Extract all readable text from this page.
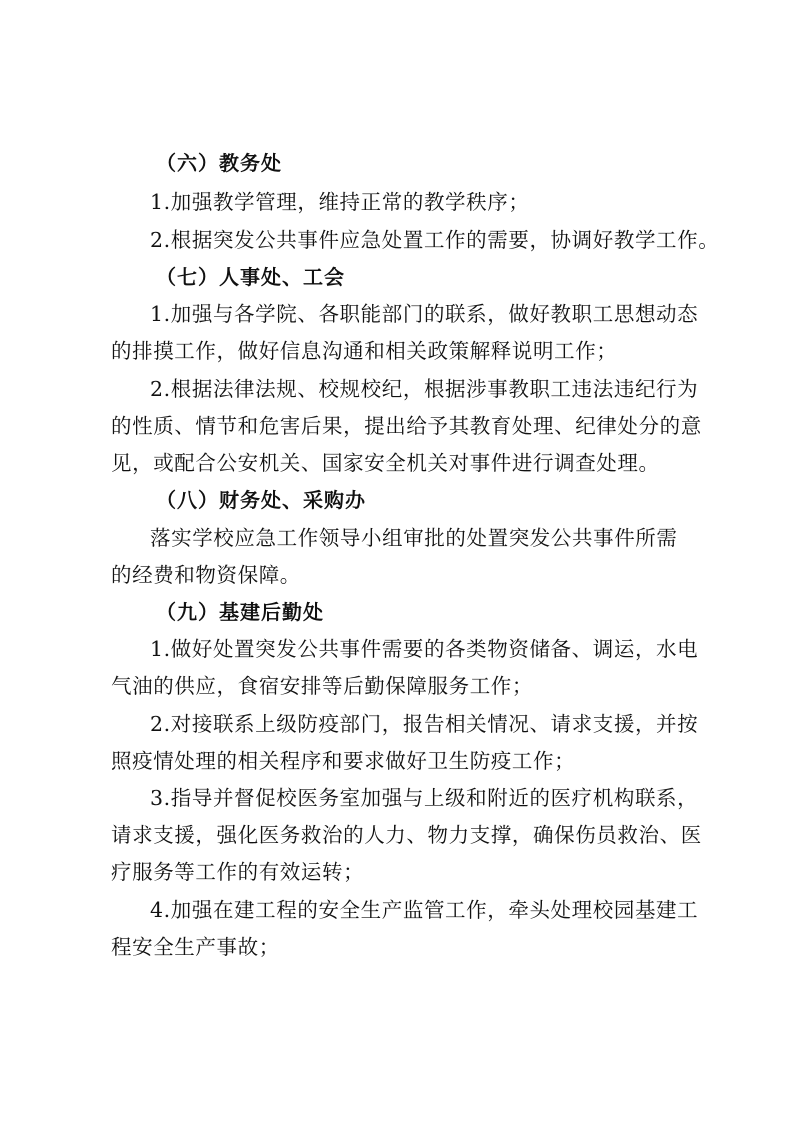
（六）教务处
1.加强教学管理，维持正常的教学秩序；
2.根据突发公共事件应急处置工作的需要，协调好教学工作。
（七）人事处、工会
1.加强与各学院、各职能部门的联系，做好教职工思想动态
的排摸工作，做好信息沟通和相关政策解释说明工作；
2.根据法律法规、校规校纪，根据涉事教职工违法违纪行为
的性质、情节和危害后果，提出给予其教育处理、纪律处分的意
见，或配合公安机关、国家安全机关对事件进行调查处理。
（八）财务处、采购办
落实学校应急工作领导小组审批的处置突发公共事件所需
的经费和物资保障。
（九）基建后勤处
1.做好处置突发公共事件需要的各类物资储备、调运，水电
气油的供应，食宿安排等后勤保障服务工作；
2.对接联系上级防疫部门，报告相关情况、请求支援，并按
照疫情处理的相关程序和要求做好卫生防疫工作；
3.指导并督促校医务室加强与上级和附近的医疗机构联系，
请求支援，强化医务救治的人力、物力支撑，确保伤员救治、医
疗服务等工作的有效运转；
4.加强在建工程的安全生产监管工作，牵头处理校园基建工
程安全生产事故；
